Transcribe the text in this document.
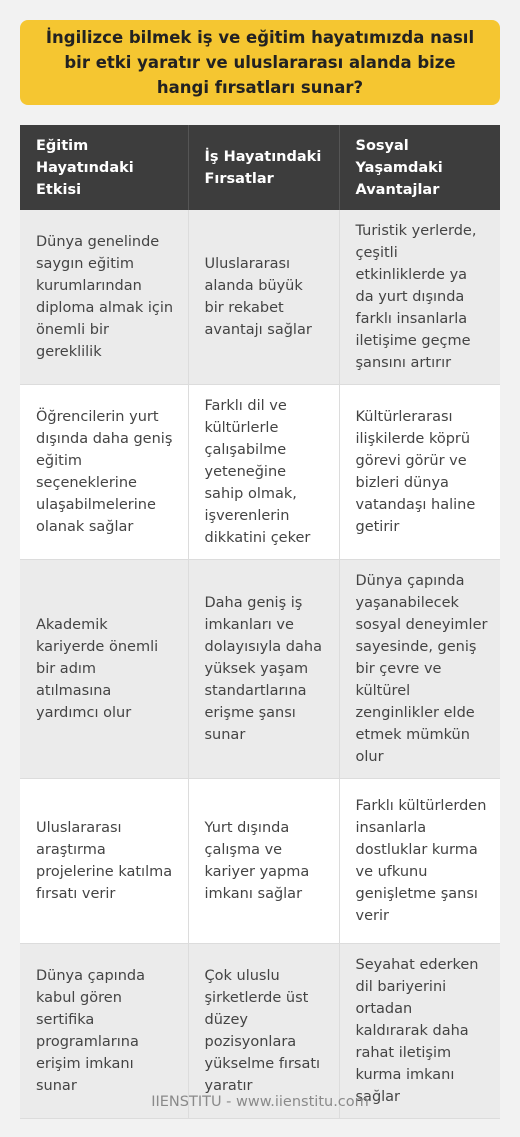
İngilizce bilmek iş ve eğitim hayatımızda nasıl bir etki yaratır ve uluslararası alanda bize hangi fırsatları sunar?
Eğitim Hayatındaki Etkisi	İş Hayatındaki Fırsatlar	Sosyal Yaşamdaki Avantajlar
Dünya genelinde saygın eğitim kurumlarından diploma almak için önemli bir gereklilik	Uluslararası alanda büyük bir rekabet avantajı sağlar	Turistik yerlerde, çeşitli etkinliklerde ya da yurt dışında farklı insanlarla iletişime geçme şansını artırır
Öğrencilerin yurt dışında daha geniş eğitim seçeneklerine ulaşabilmelerine olanak sağlar	Farklı dil ve kültürlerle çalışabilme yeteneğine sahip olmak, işverenlerin dikkatini çeker	Kültürlerarası ilişkilerde köprü görevi görür ve bizleri dünya vatandaşı haline getirir
Akademik kariyerde önemli bir adım atılmasına yardımcı olur	Daha geniş iş imkanları ve dolayısıyla daha yüksek yaşam standartlarına erişme şansı sunar	Dünya çapında yaşanabilecek sosyal deneyimler sayesinde, geniş bir çevre ve kültürel zenginlikler elde etmek mümkün olur
Uluslararası araştırma projelerine katılma fırsatı verir	Yurt dışında çalışma ve kariyer yapma imkanı sağlar	Farklı kültürlerden insanlarla dostluklar kurma ve ufkunu genişletme şansı verir
Dünya çapında kabul gören sertifika programlarına erişim imkanı sunar	Çok uluslu şirketlerde üst düzey pozisyonlara yükselme fırsatı yaratır	Seyahat ederken dil bariyerini ortadan kaldırarak daha rahat iletişim kurma imkanı sağlar
IIENSTITU - www.iienstitu.com
